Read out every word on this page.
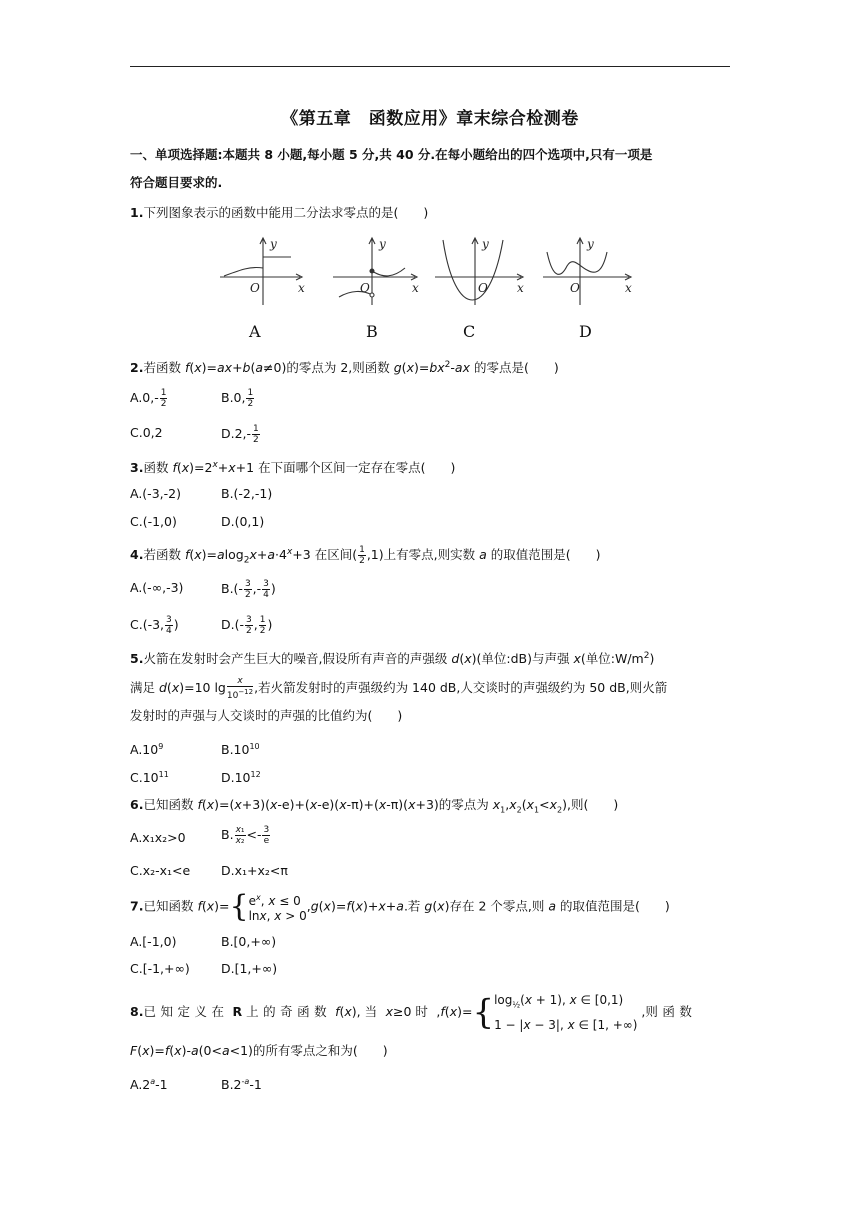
《第五章　函数应用》章末综合检测卷
一、单项选择题:本题共 8 小题,每小题 5 分,共 40 分.在每小题给出的四个选项中,只有一项是
符合题目要求的.
1.下列图象表示的函数中能用二分法求零点的是(　　)
y
x
O
y
x
O
y
x
O
y
x
O
A	B	C	D
2.若函数 f(x)=ax+b(a≠0)的零点为 2,则函数 $g(x)=bx^2-ax$ 的零点是(　　)
$A.0,- \frac{1}{2}$	B.0, $\frac{1}{2}$
C.0,2	$D.2,- \frac{1}{2}$
3.函数 $f(x)=2^x+x+1$ 在下面哪个区间一定存在零点(　　)
A.(-3,-2)	B.(-2,-1)
C.(-1,0)	D.(0,1)
4.若函数 $f(x)=alog_2x+a\cdot 4^x+3$ 在区间( $\frac{1}{2} ,1$)上有零点,则实数 a 的取值范围是(　　)
A.(-∞,-3)	$B.(- \frac{3}{2}$ ,- $\frac{3}{4}$ )
C.(-3, $\frac{3}{4}$ )	$D.(- \frac{3}{2}$ , $\frac{1}{2}$ )
5.火箭在发射时会产生巨大的噪音,假设所有声音的声强级 d(x)(单位:dB)与声强 x(单位$:W/m^2$)
满足 d(x)=10 $\lg \frac{x}{10^{-12}}$ ,若火箭发射时的声强级约为 140 dB,人交谈时的声强级约为 50 dB,则火箭
发射时的声强与人交谈时的声强的比值约为(　　)
$A.10^9$	$B.10^{10}$
$C.10^{11}$	$D.10^{12}$
6.已知函数 f(x)=(x+3)(x-e)+(x-e)(x-π)+(x-π)(x+3)的零点为 $x_1,x_2(x_1<x_2)$,则(　　)
A.x₁x₂>0	B. $\frac{\text{x₁}}{\text{x₂}} <- \frac{3}{e}$
C.x₂-x₁<e D.x₁+x₂<π
7.已知函数 f(x)={ $e^x$, x ≤ 0
lnx, x > 0
,g(x)=f(x)+x+a.若 g(x)存在 2 个零点,则 a 的取值范围是(　　)
A.[-1,0)	B.[0,+∞)
C.[-1,+∞) D.[1,+∞)
8.已知定义在 R 上的奇函数 f(x), 当 x≥0 时 ,f(x)={ $\log_{\frac{1}{2}}(x + 1)$, x ∈ [0,1)
1 − |x − 3|, x ∈ [1, +∞)
,则函数
F(x)=f(x)-a(0<a<1)的所有零点之和为(　　)
A.2$^a$-1	$B.2^{-a}-1$
